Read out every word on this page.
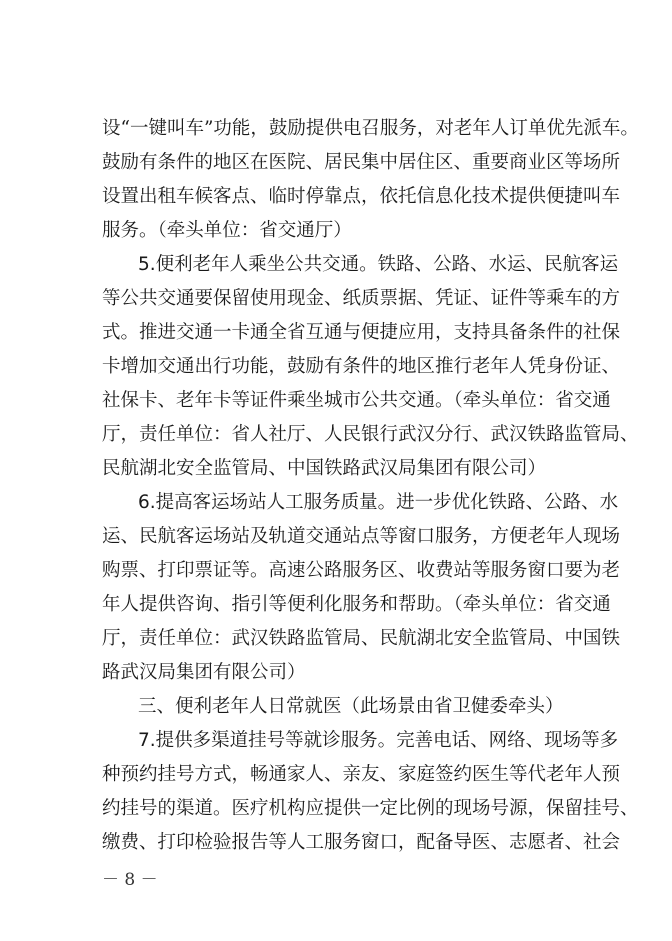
设“一键叫车”功能，鼓励提供电召服务，对老年人订单优先派车。
鼓励有条件的地区在医院、居民集中居住区、重要商业区等场所
设置出租车候客点、临时停靠点，依托信息化技术提供便捷叫车
服务。（牵头单位：省交通厅）
5.便利老年人乘坐公共交通。铁路、公路、水运、民航客运
等公共交通要保留使用现金、纸质票据、凭证、证件等乘车的方
式。推进交通一卡通全省互通与便捷应用，支持具备条件的社保
卡增加交通出行功能，鼓励有条件的地区推行老年人凭身份证、
社保卡、老年卡等证件乘坐城市公共交通。（牵头单位：省交通
厅，责任单位：省人社厅、人民银行武汉分行、武汉铁路监管局、
民航湖北安全监管局、中国铁路武汉局集团有限公司）
6.提高客运场站人工服务质量。进一步优化铁路、公路、水
运、民航客运场站及轨道交通站点等窗口服务，方便老年人现场
购票、打印票证等。高速公路服务区、收费站等服务窗口要为老
年人提供咨询、指引等便利化服务和帮助。（牵头单位：省交通
厅，责任单位：武汉铁路监管局、民航湖北安全监管局、中国铁
路武汉局集团有限公司）
三、便利老年人日常就医（此场景由省卫健委牵头）
7.提供多渠道挂号等就诊服务。完善电话、网络、现场等多
种预约挂号方式，畅通家人、亲友、家庭签约医生等代老年人预
约挂号的渠道。医疗机构应提供一定比例的现场号源，保留挂号、
缴费、打印检验报告等人工服务窗口，配备导医、志愿者、社会
－ 8 －
